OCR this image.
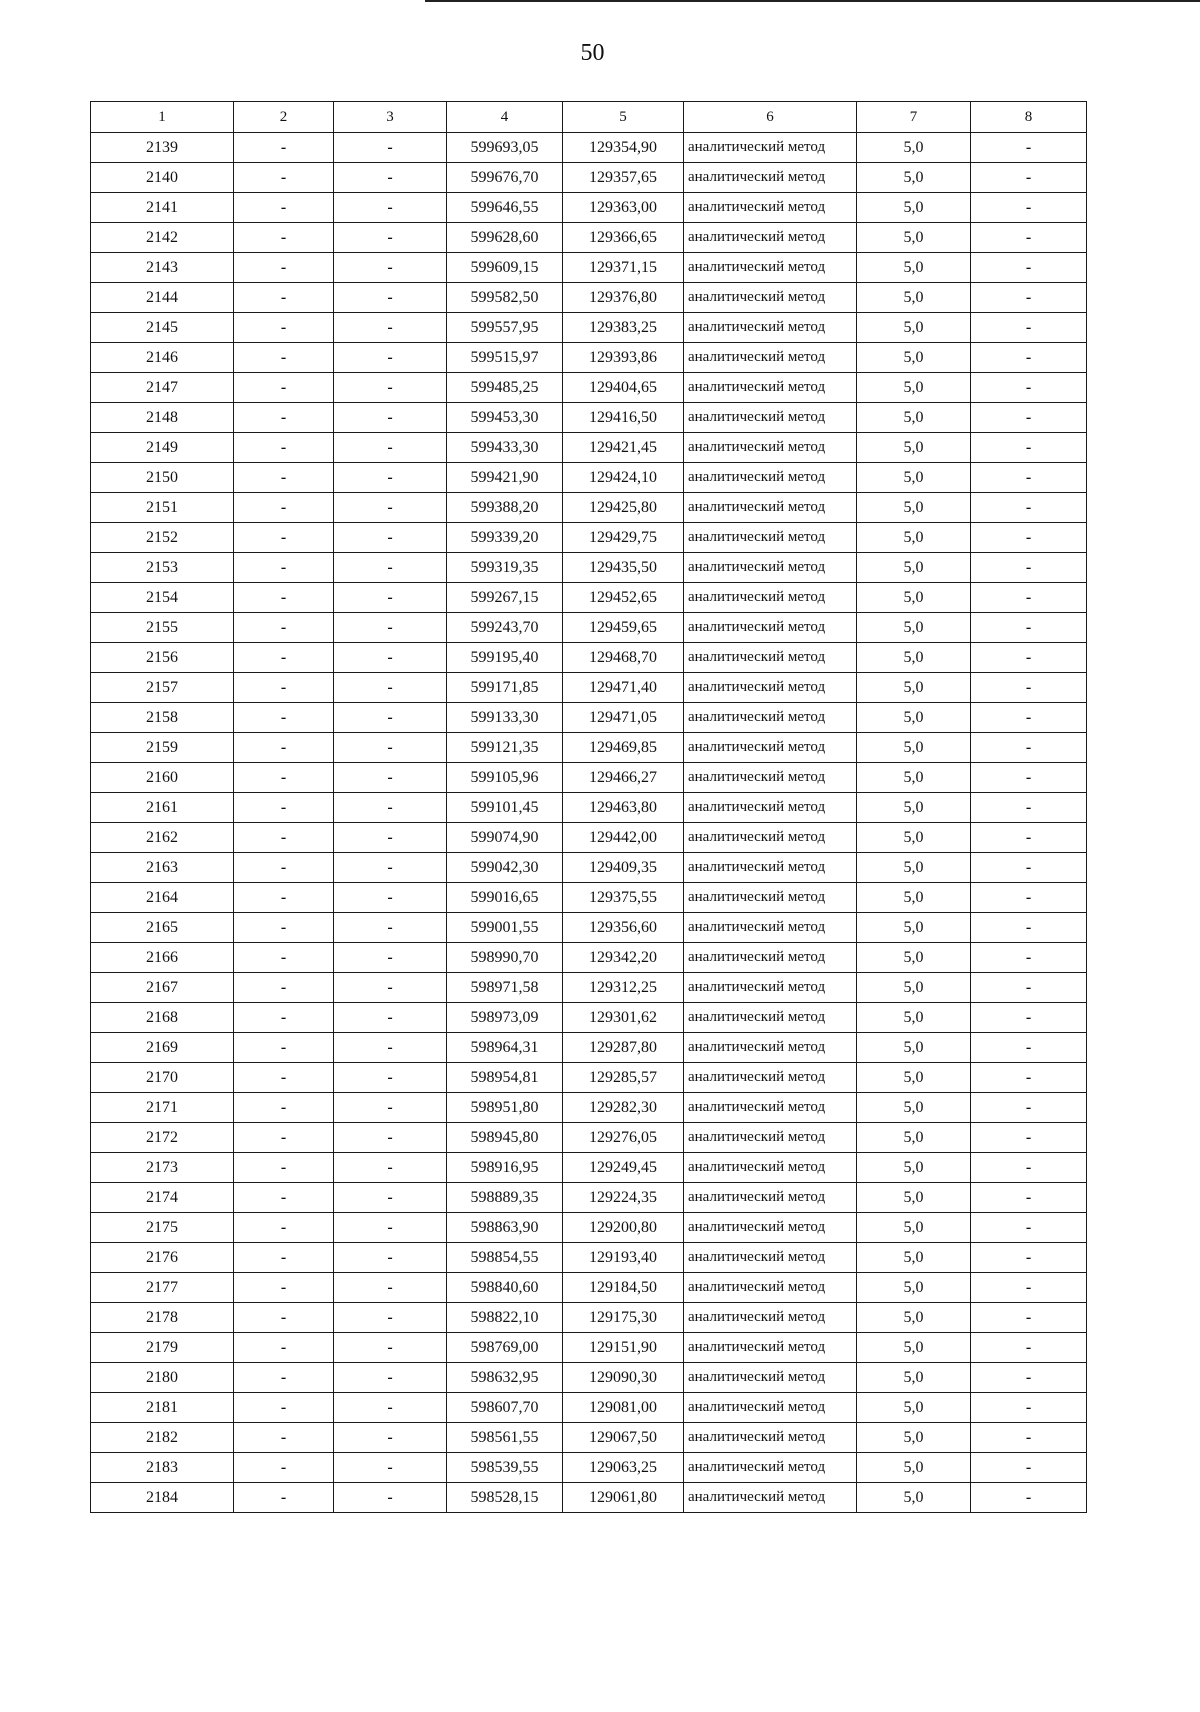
50
1	2	3	4	5	6	7	8
2139	-	-	599693,05	129354,90	аналитический метод	5,0	-
2140	-	-	599676,70	129357,65	аналитический метод	5,0	-
2141	-	-	599646,55	129363,00	аналитический метод	5,0	-
2142	-	-	599628,60	129366,65	аналитический метод	5,0	-
2143	-	-	599609,15	129371,15	аналитический метод	5,0	-
2144	-	-	599582,50	129376,80	аналитический метод	5,0	-
2145	-	-	599557,95	129383,25	аналитический метод	5,0	-
2146	-	-	599515,97	129393,86	аналитический метод	5,0	-
2147	-	-	599485,25	129404,65	аналитический метод	5,0	-
2148	-	-	599453,30	129416,50	аналитический метод	5,0	-
2149	-	-	599433,30	129421,45	аналитический метод	5,0	-
2150	-	-	599421,90	129424,10	аналитический метод	5,0	-
2151	-	-	599388,20	129425,80	аналитический метод	5,0	-
2152	-	-	599339,20	129429,75	аналитический метод	5,0	-
2153	-	-	599319,35	129435,50	аналитический метод	5,0	-
2154	-	-	599267,15	129452,65	аналитический метод	5,0	-
2155	-	-	599243,70	129459,65	аналитический метод	5,0	-
2156	-	-	599195,40	129468,70	аналитический метод	5,0	-
2157	-	-	599171,85	129471,40	аналитический метод	5,0	-
2158	-	-	599133,30	129471,05	аналитический метод	5,0	-
2159	-	-	599121,35	129469,85	аналитический метод	5,0	-
2160	-	-	599105,96	129466,27	аналитический метод	5,0	-
2161	-	-	599101,45	129463,80	аналитический метод	5,0	-
2162	-	-	599074,90	129442,00	аналитический метод	5,0	-
2163	-	-	599042,30	129409,35	аналитический метод	5,0	-
2164	-	-	599016,65	129375,55	аналитический метод	5,0	-
2165	-	-	599001,55	129356,60	аналитический метод	5,0	-
2166	-	-	598990,70	129342,20	аналитический метод	5,0	-
2167	-	-	598971,58	129312,25	аналитический метод	5,0	-
2168	-	-	598973,09	129301,62	аналитический метод	5,0	-
2169	-	-	598964,31	129287,80	аналитический метод	5,0	-
2170	-	-	598954,81	129285,57	аналитический метод	5,0	-
2171	-	-	598951,80	129282,30	аналитический метод	5,0	-
2172	-	-	598945,80	129276,05	аналитический метод	5,0	-
2173	-	-	598916,95	129249,45	аналитический метод	5,0	-
2174	-	-	598889,35	129224,35	аналитический метод	5,0	-
2175	-	-	598863,90	129200,80	аналитический метод	5,0	-
2176	-	-	598854,55	129193,40	аналитический метод	5,0	-
2177	-	-	598840,60	129184,50	аналитический метод	5,0	-
2178	-	-	598822,10	129175,30	аналитический метод	5,0	-
2179	-	-	598769,00	129151,90	аналитический метод	5,0	-
2180	-	-	598632,95	129090,30	аналитический метод	5,0	-
2181	-	-	598607,70	129081,00	аналитический метод	5,0	-
2182	-	-	598561,55	129067,50	аналитический метод	5,0	-
2183	-	-	598539,55	129063,25	аналитический метод	5,0	-
2184	-	-	598528,15	129061,80	аналитический метод	5,0	-
